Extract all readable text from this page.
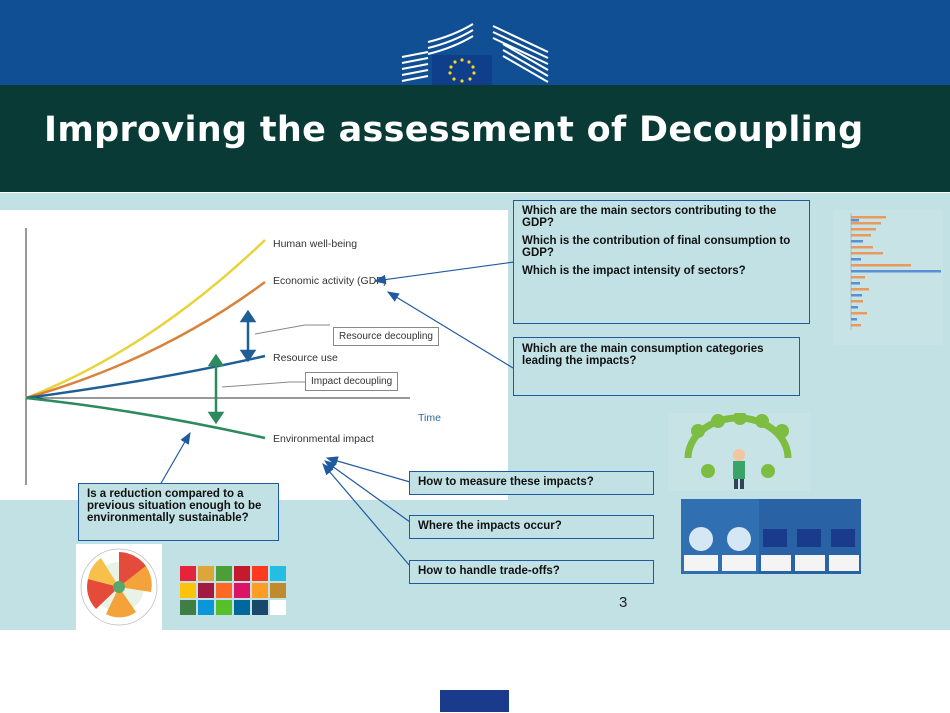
Improving the assessment of Decoupling
Human well-being
Economic activity (GDP)
Resource decoupling
Resource use
Impact decoupling
Time
Environmental impact

Which are the main sectors contributing to the GDP?

Which is the contribution of final consumption to GDP?

Which is the impact intensity of sectors?

Which are the main consumption categories leading the impacts?

Is a reduction compared to a previous situation enough to be environmentally sustainable?

How to measure these impacts?

Where the impacts occur?

How to handle trade-offs?

3
